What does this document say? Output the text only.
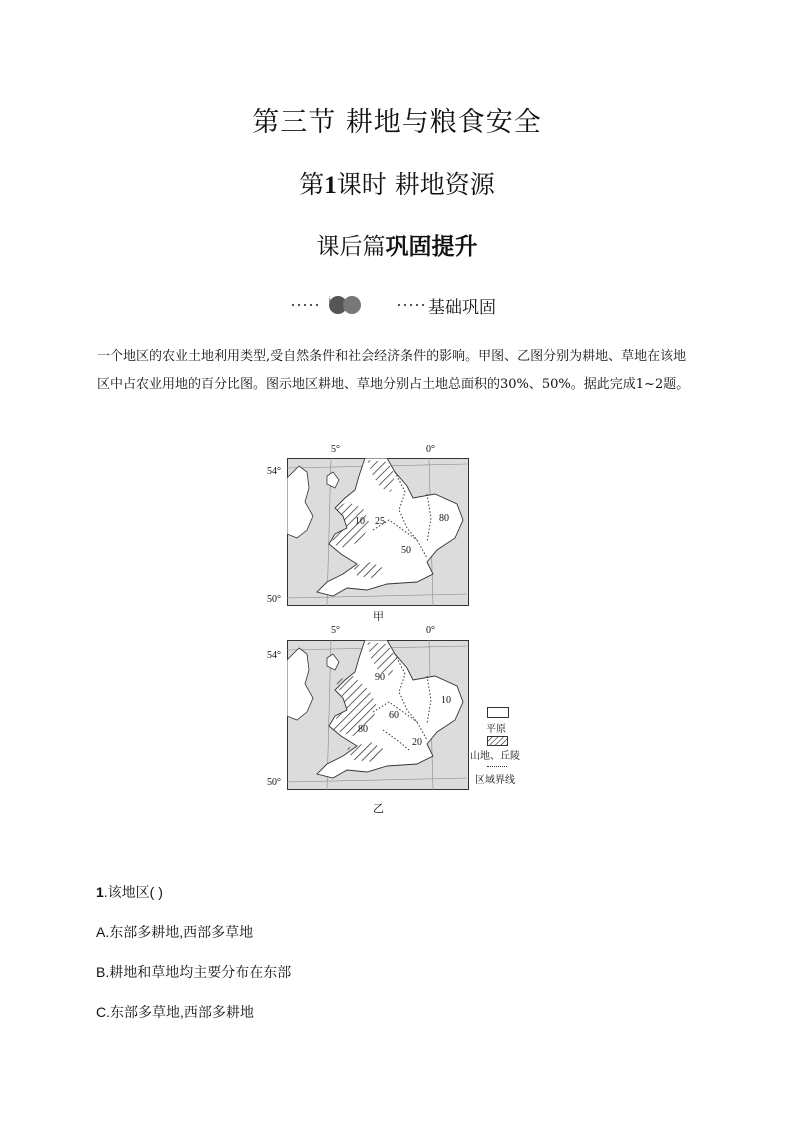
第三节 耕地与粮食安全
第1课时 耕地资源
课后篇巩固提升
i	基础巩固
一个地区的农业土地利用类型,受自然条件和社会经济条件的影响。甲图、乙图分别为耕地、草地在该地区中占农业用地的百分比图。图示地区耕地、草地分别占土地总面积的30%、50%。据此完成1~2题。
5°	0°
54°
50°
10 25
50
80
甲
5°	0°
54°
50°
90
60
80
20
10
乙
平原
山地、丘陵
区域界线
1.该地区( )
A.东部多耕地,西部多草地
B.耕地和草地均主要分布在东部
C.东部多草地,西部多耕地
